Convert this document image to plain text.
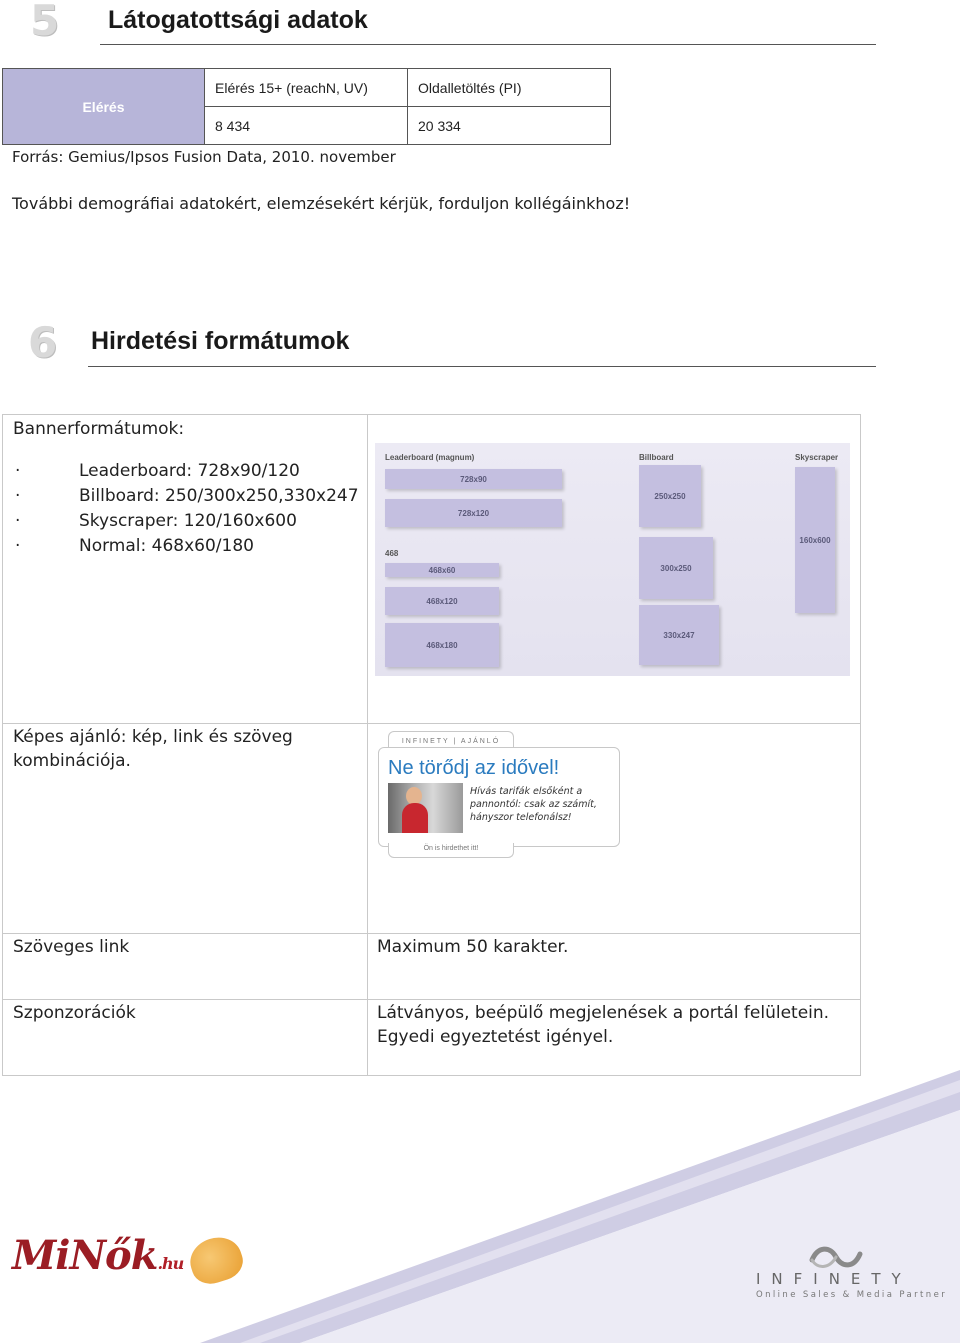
5 Látogatottsági adatok
Elérés	Elérés 15+ (reachN, UV)	Oldalletöltés (PI)
	8 434	20 334
Forrás: Gemius/Ipsos Fusion Data, 2010. november
További demográfiai adatokért, elemzésekért kérjük, forduljon kollégáinkhoz!
6 Hirdetési formátumok
Bannerformátumok:
· Leaderboard: 728x90/120
· Billboard: 250/300x250,330x247
· Skyscraper: 120/160x600
· Normal: 468x60/180
Képes ajánló: kép, link és szöveg kombinációja.
Szöveges link	Maximum 50 karakter.
Szponzorációk	Látványos, beépülő megjelenések a portál felületein.
Egyedi egyeztetést igényel.
Leaderboard (magnum)	Billboard	Skyscraper
468
728x90
728x120
468x60
468x120
468x180
250x250
300x250
330x247
160x600
INFINETY | AJÁNLÓ
Ne törődj az idővel!
Hívás tarifák elsőként a pannontól: csak az számít, hányszor telefonálsz!
Ön is hirdethet itt!
MiNők.hu
INFINETY
Online Sales & Media Partner
